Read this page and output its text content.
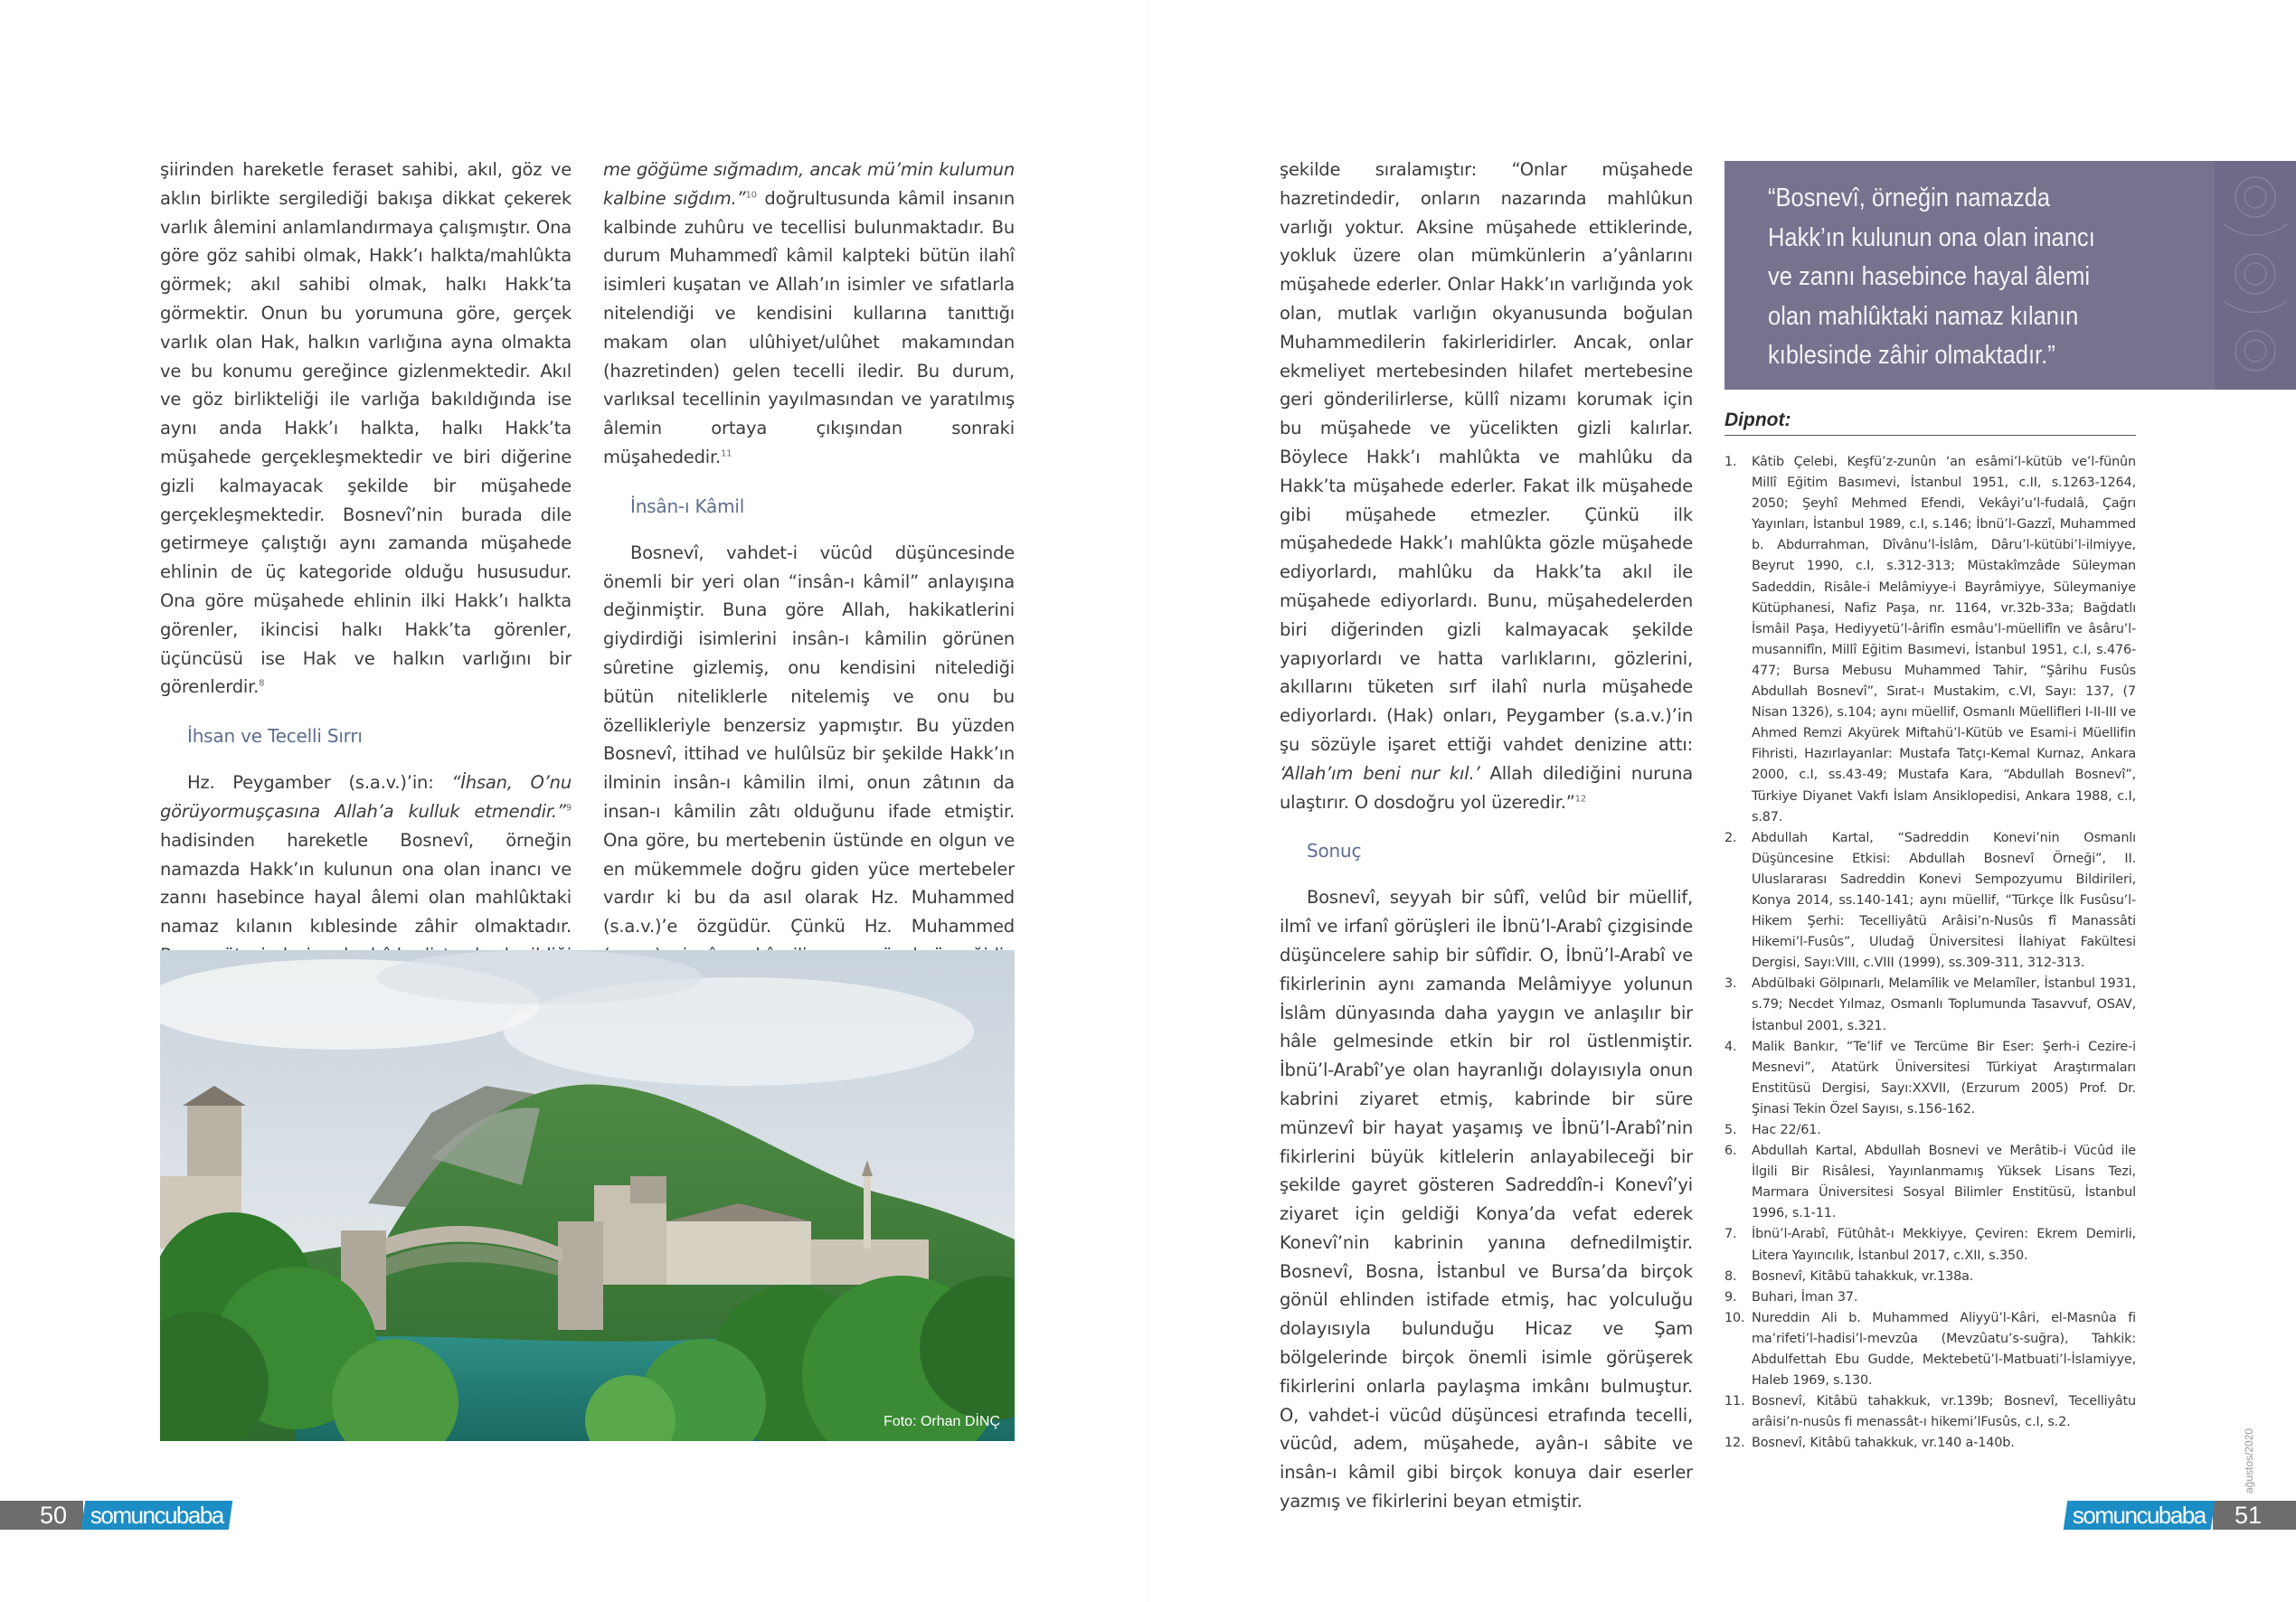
şiirinden hareketle feraset sahibi, akıl, göz ve aklın birlikte sergilediği bakışa dikkat çekerek varlık âlemini anlamlandırmaya çalışmıştır. Ona göre göz sahibi olmak, Hakk’ı halkta/mahlûkta görmek; akıl sahibi olmak, halkı Hakk’ta görmektir. Onun bu yorumuna göre, gerçek varlık olan Hak, halkın varlığına ayna olmakta ve bu konumu gereğince gizlenmektedir. Akıl ve göz birlikteliği ile varlığa bakıldığında ise aynı anda Hakk’ı halkta, halkı Hakk’ta müşahede gerçekleşmektedir ve biri diğerine gizli kalmayacak şekilde bir müşahede gerçekleşmektedir. Bosnevî’nin burada dile getirmeye çalıştığı aynı zamanda müşahede ehlinin de üç kategoride olduğu hususudur. Ona göre müşahede ehlinin ilki Hakk’ı halkta görenler, ikincisi halkı Hakk’ta görenler, üçüncüsü ise Hak ve halkın varlığını bir görenlerdir.$^8$

İhsan ve Tecelli Sırrı

Hz. Peygamber (s.a.v.)’in: “İhsan, O’nu görüyormuşçasına Allah’a kulluk etmendir.”$^9$ hadisinden hareketle Bosnevî, örneğin namazda Hakk’ın kulunun ona olan inancı ve zannı hasebince hayal âlemi olan mahlûktaki namaz kılanın kıblesinde zâhir olmaktadır.

me göğüme sığmadım, ancak mü’min kulumun kalbine sığdım.”$^{10}$ doğrultusunda kâmil insanın kalbinde zuhûru ve tecellisi bulunmaktadır. Bu durum Muhammedî kâmil kalpteki bütün ilahî isimleri kuşatan ve Allah’ın isimler ve sıfatlarla nitelendiği ve kendisini kullarına tanıttığı makam olan ulûhiyet/ulûhet makamından (hazretinden) gelen tecelli iledir. Bu durum, varlıksal tecellinin yayılmasından ve yaratılmış âlemin ortaya çıkışından sonraki müşahededir.$^{11}$

İnsân-ı Kâmil

Bosnevî, vahdet-i vücûd düşüncesinde önemli bir yeri olan “insân-ı kâmil” anlayışına değinmiştir. Buna göre Allah, hakikatlerini giydirdiği isimlerini insân-ı kâmilin görünen sûretine gizlemiş, onu kendisini nitelediği bütün niteliklerle nitelemiş ve onu bu özellikleriyle benzersiz yapmıştır. Bu yüzden Bosnevî, ittihad ve hulûlsüz bir şekilde Hakk’ın ilminin insân-ı kâmilin ilmi, onun zâtının da insan-ı kâmilin zâtı olduğunu ifade etmiştir. Ona göre, bu mertebenin üstünde en olgun ve en mükemmele doğru giden yüce mertebeler vardır ki bu da asıl olarak Hz. Muhammed (s.a.v.)’e özgüdür. Çünkü Hz. Muhammed

Foto: Orhan DİNÇ
50	somuncubaba

şekilde sıralamıştır: “Onlar müşahede hazretindedir, onların nazarında mahlûkun varlığı yoktur. Aksine müşahede ettiklerinde, yokluk üzere olan mümkünlerin a’yânlarını müşahede ederler. Onlar Hakk’ın varlığında yok olan, mutlak varlığın okyanusunda boğulan Muhammedilerin fakirleridirler. Ancak, onlar ekmeliyet mertebesinden hilafet mertebesine geri gönderilirlerse, küllî nizamı korumak için bu müşahede ve yücelikten gizli kalırlar. Böylece Hakk’ı mahlûkta ve mahlûku da Hakk’ta müşahede ederler. Fakat ilk müşahede gibi müşahede etmezler. Çünkü ilk müşahedede Hakk’ı mahlûkta gözle müşahede ediyorlardı, mahlûku da Hakk’ta akıl ile müşahede ediyorlardı. Bunu, müşahedelerden biri diğerinden gizli kalmayacak şekilde yapıyorlardı ve hatta varlıklarını, gözlerini, akıllarını tüketen sırf ilahî nurla müşahede ediyorlardı. (Hak) onları, Peygamber (s.a.v.)’in şu sözüyle işaret ettiği vahdet denizine attı: ‘Allah’ım beni nur kıl.’ Allah dilediğini nuruna ulaştırır. O dosdoğru yol üzeredir.”$^{12}$

Sonuç

Bosnevî, seyyah bir sûfî, velûd bir müellif, ilmî ve irfanî görüşleri ile İbnü’l-Arabî çizgisinde düşüncelere sahip bir sûfîdir. O, İbnü’l-Arabî ve fikirlerinin aynı zamanda Melâmiyye yolunun İslâm dünyasında daha yaygın ve anlaşılır bir hâle gelmesinde etkin bir rol üstlenmiştir. İbnü’l-Arabî’ye olan hayranlığı dolayısıyla onun kabrini ziyaret etmiş, kabrinde bir süre münzevî bir hayat yaşamış ve İbnü’l-Arabî’nin fikirlerini büyük kitlelerin anlayabileceği bir şekilde gayret gösteren Sadreddîn-i Konevî’yi ziyaret için geldiği Konya’da vefat ederek Konevî’nin kabrinin yanına defnedilmiştir. Bosnevî, Bosna, İstanbul ve Bursa’da birçok gönül ehlinden istifade etmiş, hac yolculuğu dolayısıyla bulunduğu Hicaz ve Şam bölgelerinde birçok önemli isimle görüşerek fikirlerini onlarla paylaşma imkânı bulmuştur. O, vahdet-i vücûd düşüncesi etrafında tecelli, vücûd, adem, müşahede, ayân-ı sâbite ve insân-ı kâmil gibi birçok konuya dair eserler yazmış ve fikirlerini beyan etmiştir.

“Bosnevî, örneğin namazda Hakk’ın kulunun ona olan inancı ve zannı hasebince hayal âlemi olan mahlûktaki namaz kılanın kıblesinde zâhir olmaktadır.”
Dipnot:
1.	Kâtib Çelebi, Keşfü’z-zunûn ‘an esâmi’l-kütüb ve’l-fünûn Millî Eğitim Basımevi, İstanbul 1951, c.II, s.1263-1264, 2050; Şeyhî Mehmed Efendi, Vekâyi’u’l-fudalâ, Çağrı Yayınları, İstanbul 1989, c.I, s.146; İbnü’l-Gazzî, Muhammed b. Abdurrahman, Dîvânu’l-İslâm, Dâru’l-kütübi’l-ilmiyye, Beyrut 1990, c.I, s.312-313; Müstakîmzâde Süleyman Sadeddin, Risâle-i Melâmiyye-i Bayrâmiyye, Süleymaniye Kütüphanesi, Nafiz Paşa, nr. 1164, vr.32b-33a; Bağdatlı İsmâil Paşa, Hediyyetü’l-ârifîn esmâu’l-müellifîn ve âsâru’l-musannifîn, Millî Eğitim Basımevi, İstanbul 1951, c.I, s.476-477; Bursa Mebusu Muhammed Tahir, “Şârihu Fusûs Abdullah Bosnevî”, Sırat-ı Mustakim, c.VI, Sayı: 137, (7 Nisan 1326), s.104; aynı müellif, Osmanlı Müellifleri I-II-III ve Ahmed Remzi Akyürek Miftahü’l-Kütüb ve Esami-i Müellifin Fihristi, Hazırlayanlar: Mustafa Tatçı-Kemal Kurnaz, Ankara 2000, c.I, ss.43-49; Mustafa Kara, “Abdullah Bosnevî”, Türkiye Diyanet Vakfı İslam Ansiklopedisi, Ankara 1988, c.I, s.87.
2.	Abdullah Kartal, “Sadreddin Konevi’nin Osmanlı Düşüncesine Etkisi: Abdullah Bosnevî Örneği”, II. Uluslararası Sadreddin Konevi Sempozyumu Bildirileri, Konya 2014, ss.140-141; aynı müellif, “Türkçe İlk Fusûsu’l-Hikem Şerhi: Tecelliyâtü Arâisi’n-Nusûs fî Manassâti Hikemi’l-Fusûs”, Uludağ Üniversitesi İlahiyat Fakültesi Dergisi, Sayı:VIII, c.VIII (1999), ss.309-311, 312-313.
3.	Abdülbaki Gölpınarlı, Melamîlik ve Melamîler, İstanbul 1931, s.79; Necdet Yılmaz, Osmanlı Toplumunda Tasavvuf, OSAV, İstanbul 2001, s.321.
4.	Malik Bankır, “Te’lif ve Tercüme Bir Eser: Şerh-i Cezire-i Mesnevi”, Atatürk Üniversitesi Türkiyat Araştırmaları Enstitüsü Dergisi, Sayı:XXVII, (Erzurum 2005) Prof. Dr. Şinasi Tekin Özel Sayısı, s.156-162.
5.	Hac 22/61.
6.	Abdullah Kartal, Abdullah Bosnevi ve Merâtib-i Vücûd ile İlgili Bir Risâlesi, Yayınlanmamış Yüksek Lisans Tezi, Marmara Üniversitesi Sosyal Bilimler Enstitüsü, İstanbul 1996, s.1-11.
7.	İbnü’l-Arabî, Fütûhât-ı Mekkiyye, Çeviren: Ekrem Demirli, Litera Yayıncılık, İstanbul 2017, c.XII, s.350.
8.	Bosnevî, Kitâbü tahakkuk, vr.138a.
9.	Buhari, İman 37.
10. Nureddin Ali b. Muhammed Aliyyü’l-Kâri, el-Masnûa fi ma’rifeti’l-hadisi’l-mevzûa (Mevzûatu’s-suğra), Tahkik: Abdulfettah Ebu Gudde, Mektebetü’l-Matbuati’l-İslamiyye, Haleb 1969, s.130.
11. Bosnevî, Kitâbü tahakkuk, vr.139b; Bosnevî, Tecelliyâtu arâisi’n-nusûs fi menassât-ı hikemi’lFusûs, c.I, s.2.
12. Bosnevî, Kitâbü tahakkuk, vr.140 a-140b.	ağustos/2020
somuncubaba	51
